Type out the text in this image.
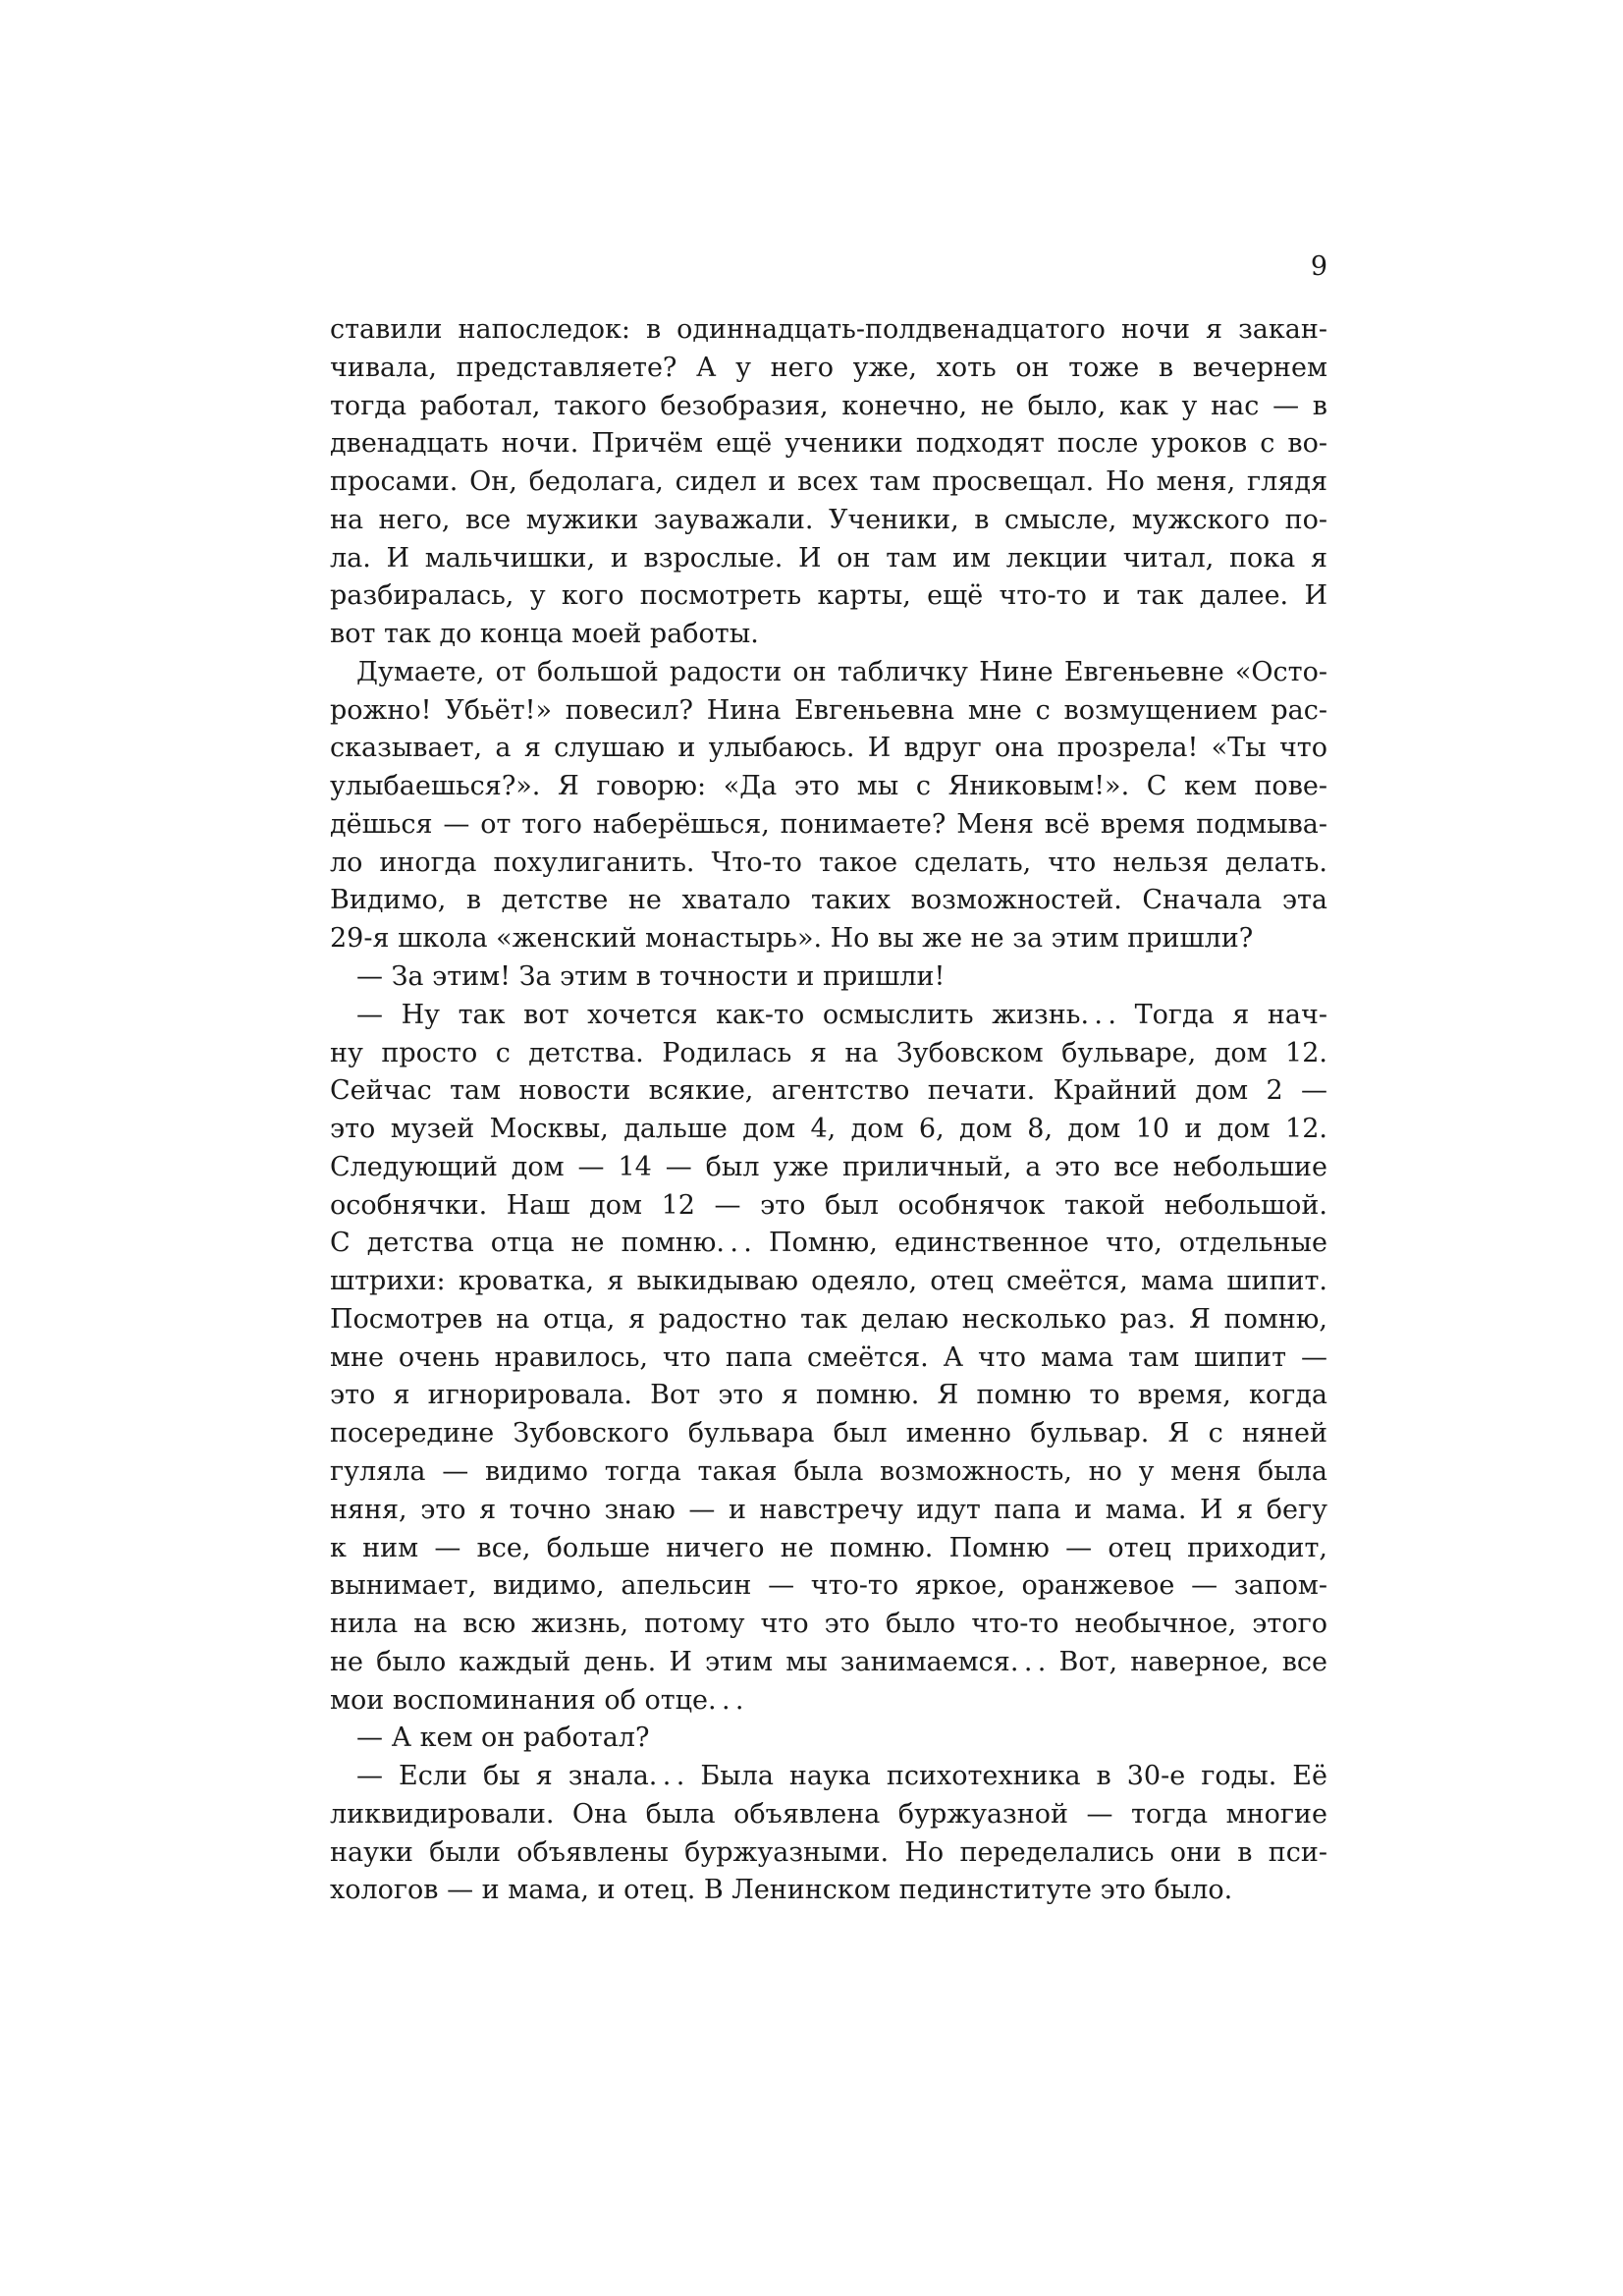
9
ставили напоследок: в одиннадцать-полдвенадцатого ночи я закан-
чивала, представляете? А у него уже, хоть он тоже в вечернем
тогда работал, такого безобразия, конечно, не было, как у нас — в
двенадцать ночи. Причём ещё ученики подходят после уроков с во-
просами. Он, бедолага, сидел и всех там просвещал. Но меня, глядя
на него, все мужики зауважали. Ученики, в смысле, мужского по-
ла. И мальчишки, и взрослые. И он там им лекции читал, пока я
разбиралась, у кого посмотреть карты, ещё что-то и так далее. И
вот так до конца моей работы.
Думаете, от большой радости он табличку Нине Евгеньевне «Осто-
рожно! Убьёт!» повесил? Нина Евгеньевна мне с возмущением рас-
сказывает, а я слушаю и улыбаюсь. И вдруг она прозрела! «Ты что
улыбаешься?». Я говорю: «Да это мы с Яниковым!». С кем пове-
дёшься — от того наберёшься, понимаете? Меня всё время подмыва-
ло иногда похулиганить. Что-то такое сделать, что нельзя делать.
Видимо, в детстве не хватало таких возможностей. Сначала эта
29-я школа «женский монастырь». Но вы же не за этим пришли?
— За этим! За этим в точности и пришли!
— Ну так вот хочется как-то осмыслить жизнь. . . Тогда я нач-
ну просто с детства. Родилась я на Зубовском бульваре, дом 12.
Сейчас там новости всякие, агентство печати. Крайний дом 2 —
это музей Москвы, дальше дом 4, дом 6, дом 8, дом 10 и дом 12.
Следующий дом — 14 — был уже приличный, а это все небольшие
особнячки. Наш дом 12 — это был особнячок такой небольшой.
С детства отца не помню. . . Помню, единственное что, отдельные
штрихи: кроватка, я выкидываю одеяло, отец смеётся, мама шипит.
Посмотрев на отца, я радостно так делаю несколько раз. Я помню,
мне очень нравилось, что папа смеётся. А что мама там шипит —
это я игнорировала. Вот это я помню. Я помню то время, когда
посередине Зубовского бульвара был именно бульвар. Я с няней
гуляла — видимо тогда такая была возможность, но у меня была
няня, это я точно знаю — и навстречу идут папа и мама. И я бегу
к ним — все, больше ничего не помню. Помню — отец приходит,
вынимает, видимо, апельсин — что-то яркое, оранжевое — запом-
нила на всю жизнь, потому что это было что-то необычное, этого
не было каждый день. И этим мы занимаемся. . . Вот, наверное, все
мои воспоминания об отце. . .
— А кем он работал?
— Если бы я знала. . . Была наука психотехника в 30-е годы. Её
ликвидировали. Она была объявлена буржуазной — тогда многие
науки были объявлены буржуазными. Но переделались они в пси-
хологов — и мама, и отец. В Ленинском пединституте это было.
